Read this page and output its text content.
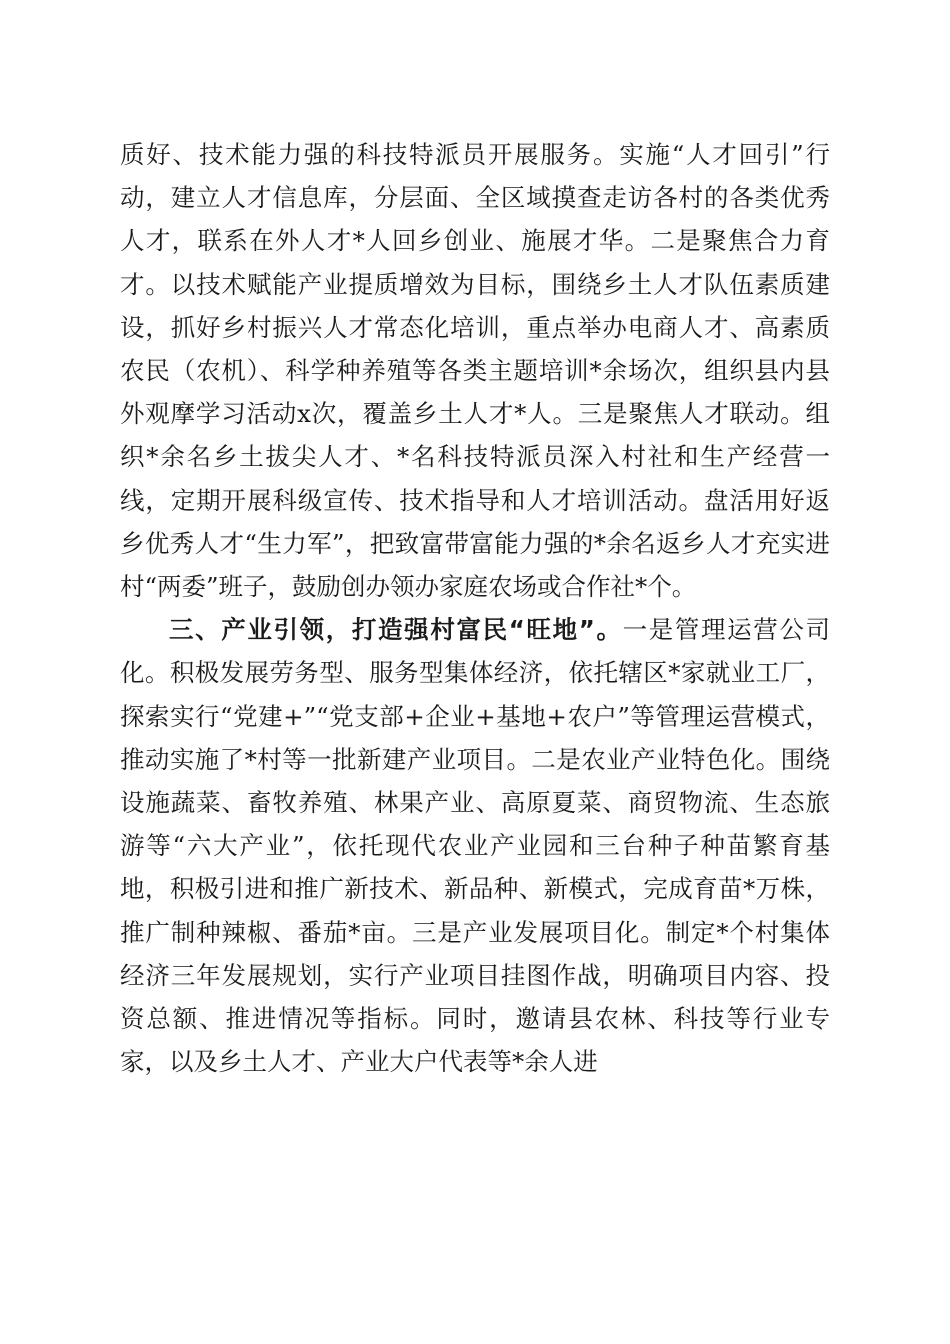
质好、技术能力强的科技特派员开展服务。实施“人才回引”行动，建立人才信息库，分层面、全区域摸查走访各村的各类优秀人才，联系在外人才*人回乡创业、施展才华。二是聚焦合力育才。以技术赋能产业提质增效为目标，围绕乡土人才队伍素质建设，抓好乡村振兴人才常态化培训，重点举办电商人才、高素质农民（农机）、科学种养殖等各类主题培训*余场次，组织县内县外观摩学习活动x次，覆盖乡土人才*人。三是聚焦人才联动。组织*余名乡土拔尖人才、*名科技特派员深入村社和生产经营一线，定期开展科级宣传、技术指导和人才培训活动。盘活用好返乡优秀人才“生力军”，把致富带富能力强的*余名返乡人才充实进村“两委”班子，鼓励创办领办家庭农场或合作社*个。

三、产业引领，打造强村富民“旺地”。一是管理运营公司化。积极发展劳务型、服务型集体经济，依托辖区*家就业工厂，探索实行“党建+”“党支部+企业+基地+农户”等管理运营模式，推动实施了*村等一批新建产业项目。二是农业产业特色化。围绕设施蔬菜、畜牧养殖、林果产业、高原夏菜、商贸物流、生态旅游等“六大产业”，依托现代农业产业园和三台种子种苗繁育基地，积极引进和推广新技术、新品种、新模式，完成育苗*万株，推广制种辣椒、番茄*亩。三是产业发展项目化。制定*个村集体经济三年发展规划，实行产业项目挂图作战，明确项目内容、投资总额、推进情况等指标。同时，邀请县农林、科技等行业专家，以及乡土人才、产业大户代表等*余人进
